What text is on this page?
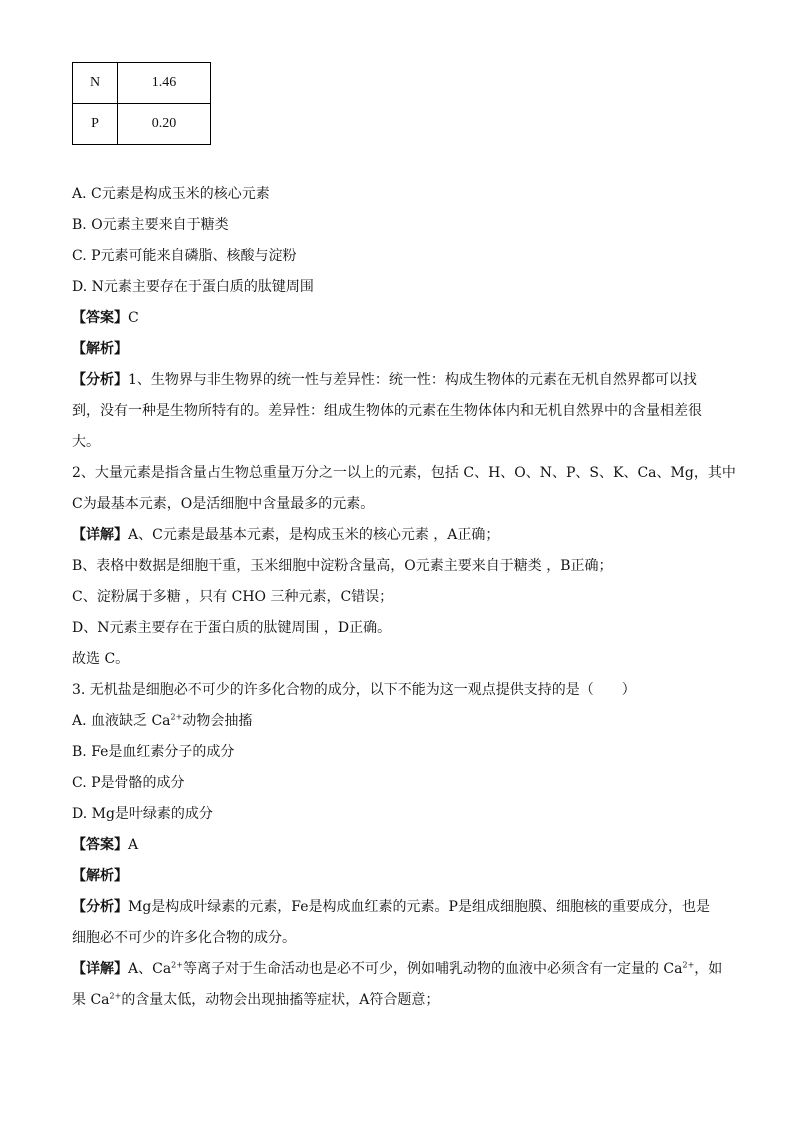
N	1.46
P	0.20
A. C元素是构成玉米的核心元素
B. O元素主要来自于糖类
C. P元素可能来自磷脂、核酸与淀粉
D. N元素主要存在于蛋白质的肽键周围
【答案】C
【解析】
【分析】1、生物界与非生物界的统一性与差异性：统一性：构成生物体的元素在无机自然界都可以找
到，没有一种是生物所特有的。差异性：组成生物体的元素在生物体体内和无机自然界中的含量相差很
大。
2、大量元素是指含量占生物总重量万分之一以上的元素，包括 C、H、O、N、P、S、K、Ca、Mg，其中
C为最基本元素，O是活细胞中含量最多的元素。
【详解】A、C元素是最基本元素，是构成玉米的核心元素 ，A正确；
B、表格中数据是细胞干重，玉米细胞中淀粉含量高，O元素主要来自于糖类 ，B正确；
C、淀粉属于多糖 ，只有 CHO 三种元素，C错误；
D、N元素主要存在于蛋白质的肽键周围 ，D正确。
故选 C。
3. 无机盐是细胞必不可少的许多化合物的成分，以下不能为这一观点提供支持的是（　　）
A. 血液缺乏 $Ca^{2+}$动物会抽搐
B. Fe是血红素分子的成分
C. P是骨骼的成分
D. Mg是叶绿素的成分
【答案】A
【解析】
【分析】Mg是构成叶绿素的元素，Fe是构成血红素的元素。P是组成细胞膜、细胞核的重要成分，也是
细胞必不可少的许多化合物的成分。
【详解】A、$Ca^{2+}$等离子对于生命活动也是必不可少，例如哺乳动物的血液中必须含有一定量的 $Ca^{2+}$，如
果 $Ca^{2+}$的含量太低，动物会出现抽搐等症状，A符合题意；
